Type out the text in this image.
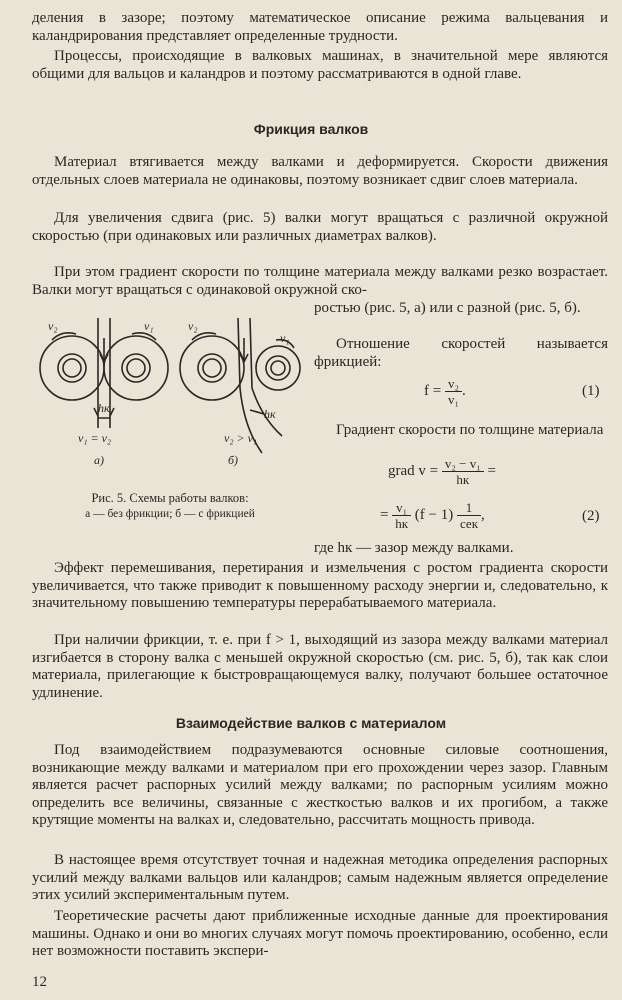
деления в зазоре; поэтому математическое описание режима вальцевания и каландрирования представляет определенные трудности.

Процессы, происходящие в валковых машинах, в значительной мере являются общими для вальцов и каландров и поэтому рассматриваются в одной главе.

Фрикция валков

Материал втягивается между валками и деформируется. Скорости движения отдельных слоев материала не одинаковы, поэтому возникает сдвиг слоев материала.

Для увеличения сдвига (рис. 5) валки могут вращаться с различной окружной скоростью (при одинаковых или различных диаметрах валков).

При этом градиент скорости по толщине материала между валками резко возрастает. Валки могут вращаться с одинаковой окружной ско-

ростью (рис. 5, а) или с разной (рис. 5, б).

Отношение скоростей называется фрикцией:

$f = \frac{\text{v₂}}{\text{v₁}}$ .	(1)

Градиент скорости по толщине материала

grad $v = \frac{\text{v₂ − v₁}}{hк}$ =
= $\frac{\text{v₁}}{hк} (f - 1) \frac{1}{\text{сек}}$ ,	(2)
v₂	v₁
hк
v₁ = v₂
а)
v₂
v₁
hк
v₂ > v₁
б)
Рис. 5. Схемы работы валков:
а — без фрикции; б — с фрикцией

где hк — зазор между валками.

Эффект перемешивания, перетирания и измельчения с ростом градиента скорости увеличивается, что также приводит к повышенному расходу энергии и, следовательно, к значительному повышению температуры перерабатываемого материала.

При наличии фрикции, т. е. при f > 1, выходящий из зазора между валками материал изгибается в сторону валка с меньшей окружной скоростью (см. рис. 5, б), так как слои материала, прилегающие к быстровращающемуся валку, получают большее остаточное удлинение.

Взаимодействие валков с материалом

Под взаимодействием подразумеваются основные силовые соотношения, возникающие между валками и материалом при его прохождении через зазор. Главным является расчет распорных усилий между валками; по распорным усилиям можно определить все величины, связанные с жесткостью валков и их прогибом, а также крутящие моменты на валках и, следовательно, рассчитать мощность привода.

В настоящее время отсутствует точная и надежная методика определения распорных усилий между валками вальцов или каландров; самым надежным является определение этих усилий экспериментальным путем.

Теоретические расчеты дают приближенные исходные данные для проектирования машины. Однако и они во многих случаях могут помочь проектированию, особенно, если нет возможности поставить экспери-

12
